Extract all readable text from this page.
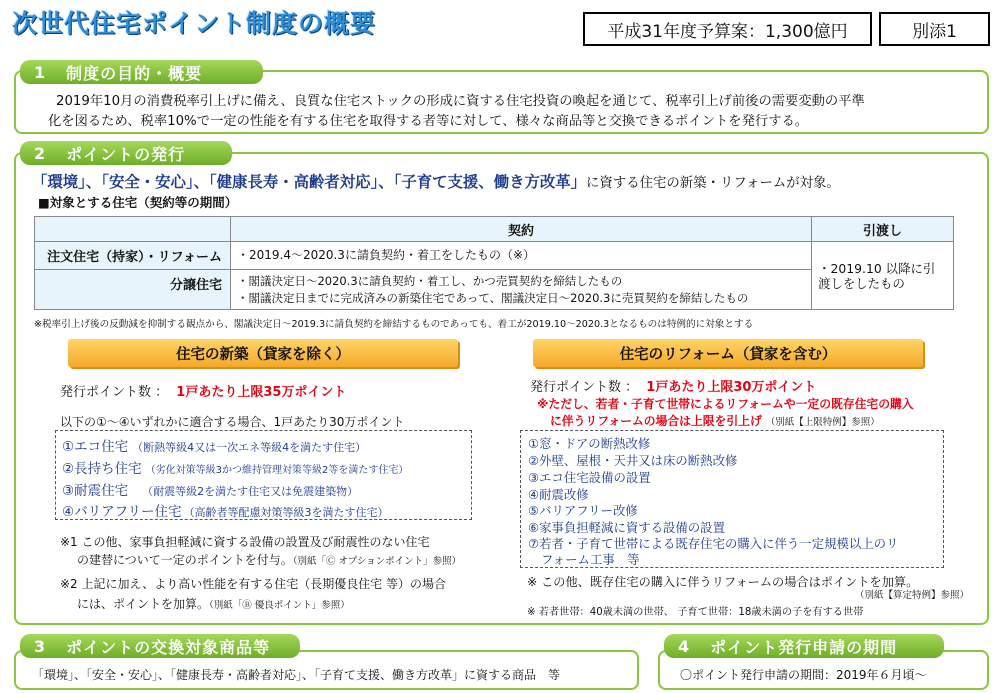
次世代住宅ポイント制度の概要	平成31年度予算案：1,300億円	別添1
1 制度の目的・概要
2019年10月の消費税率引上げに備え、良質な住宅ストックの形成に資する住宅投資の喚起を通じて、税率引上げ前後の需要変動の平準
化を図るため、税率10%で一定の性能を有する住宅を取得する者等に対して、様々な商品等と交換できるポイントを発行する。
2 ポイントの発行
「環境」、「安全・安心」、「健康長寿・高齢者対応」、「子育て支援、働き方改革」に資する住宅の新築・リフォームが対象。
■対象とする住宅（契約等の期間）
	契約	引渡し
注文住宅（持家）・リフォーム	・2019.4～2020.3に請負契約・着工をしたもの（※）	・2019.10 以降に引
渡しをしたもの

分譲住宅	・閣議決定日～2020.3に請負契約・着工し、かつ売買契約を締結したもの
・閣議決定日までに完成済みの新築住宅であって、閣議決定日～2020.3に売買契約を締結したもの	
※税率引上げ後の反動減を抑制する観点から、閣議決定日～2019.3に請負契約を締結するものであっても、着工が2019.10～2020.3となるものは特例的に対象とする
住宅の新築（貸家を除く）
発行ポイント数 ： 1戸あたり上限35万ポイント
以下の①～④いずれかに適合する場合、1戸あたり30万ポイント
①エコ住宅 （断熱等級4又は一次エネ等級4を満たす住宅）
②長持ち住宅 （劣化対策等級3かつ維持管理対策等級2等を満たす住宅）
③耐震住宅 （耐震等級2を満たす住宅又は免震建築物）
④バリアフリー住宅 （高齢者等配慮対策等級3を満たす住宅）
※1 この他、家事負担軽減に資する設備の設置及び耐震性のない住宅
の建替について一定のポイントを付与。（別紙「Ⓒ オプションポイント」参照）
※2 上記に加え、より高い性能を有する住宅（長期優良住宅 等）の場合
には、ポイントを加算。（別紙「Ⓑ 優良ポイント」参照）
住宅のリフォーム（貸家を含む）
発行ポイント数 ： 1戸あたり上限30万ポイント
※ただし、若者・子育て世帯によるリフォームや一定の既存住宅の購入
に伴うリフォームの場合は上限を引上げ （別紙【上限特例】参照）
①窓・ドアの断熱改修
②外壁、屋根・天井又は床の断熱改修
③エコ住宅設備の設置
④耐震改修
⑤バリアフリー改修
⑥家事負担軽減に資する設備の設置
⑦若者・子育て世帯による既存住宅の購入に伴う一定規模以上のリ
フォーム工事　等
※ この他、既存住宅の購入に伴うリフォームの場合はポイントを加算。
（別紙【算定特例】参照）
※ 若者世帯：40歳未満の世帯、 子育て世帯：18歳未満の子を有する世帯
3 ポイントの交換対象商品等
「環境」、「安全・安心」、「健康長寿・高齢者対応」、「子育て支援、働き方改革」に資する商品　等
4 ポイント発行申請の期間
〇ポイント発行申請の期間：2019年６月頃～
